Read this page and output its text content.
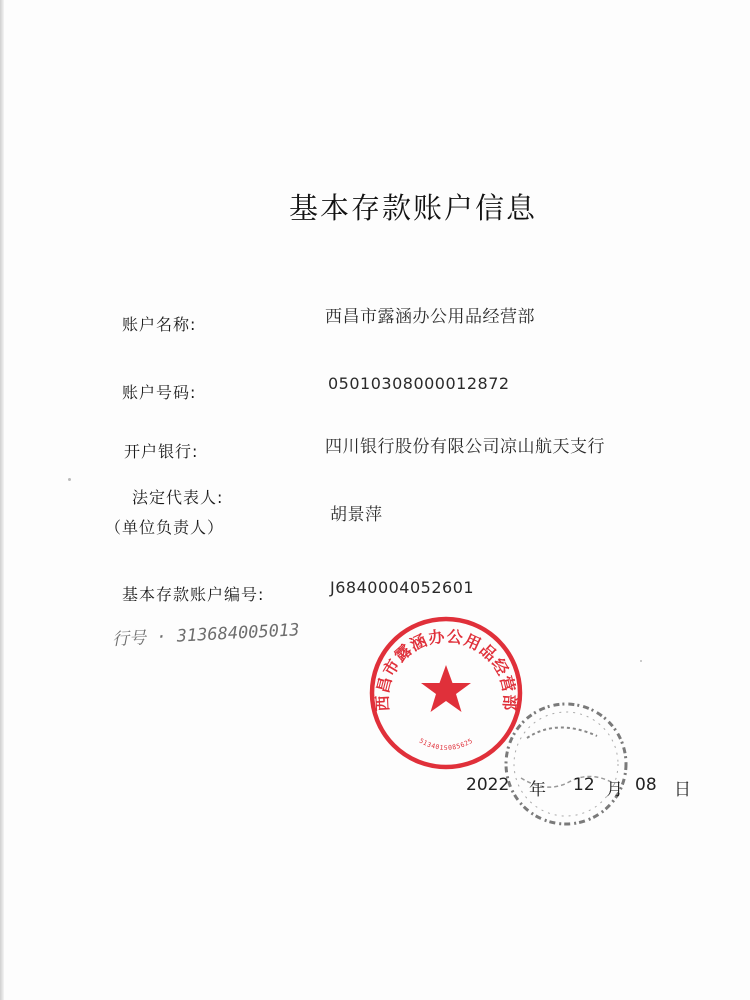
基本存款账户信息
账户名称:	西昌市露涵办公用品经营部
账户号码:	05010308000012872
开户银行:	四川银行股份有限公司凉山航天支行
法定代表人:
（单位负责人）
胡景萍
基本存款账户编号:	J6840004052601
行号 · 313684005013
西昌市露涵办公用品经营部
5134015085625
2022 年 12 月 08 日
